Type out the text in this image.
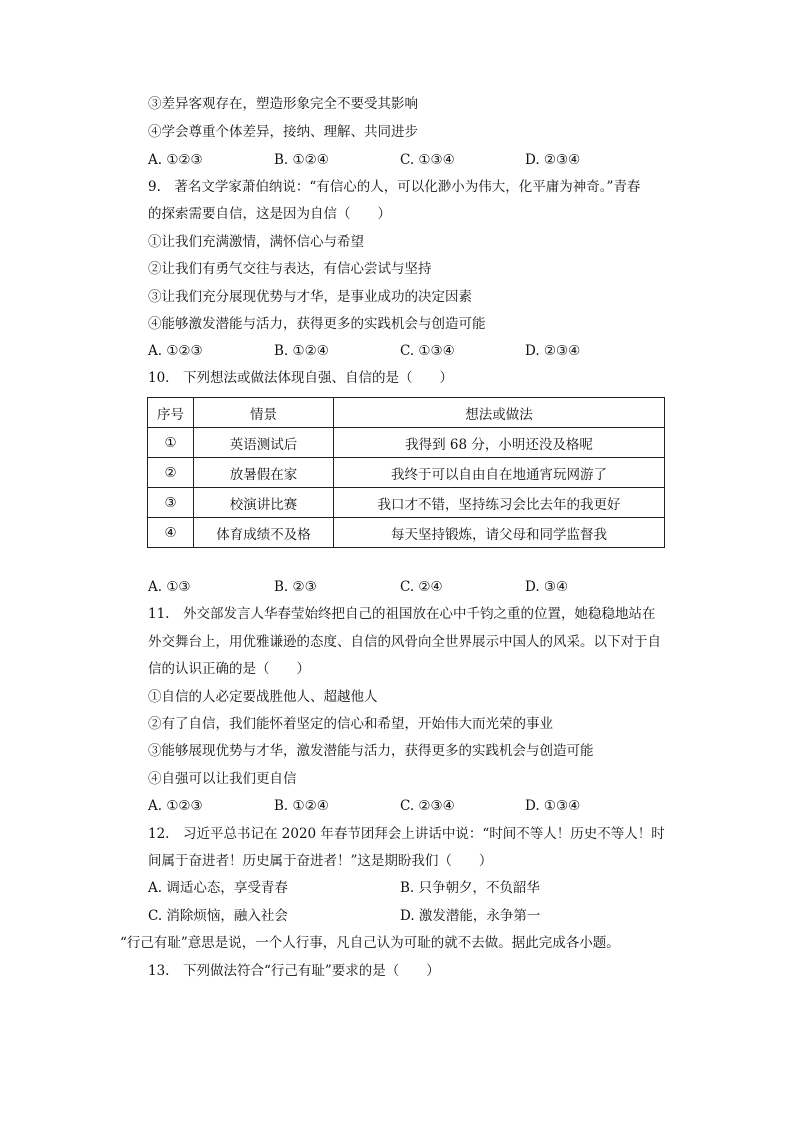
③差异客观存在，塑造形象完全不要受其影响
④学会尊重个体差异，接纳、理解、共同进步
A. ①②③	B. ①②④	C. ①③④	D. ②③④
9.　著名文学家萧伯纳说：“有信心的人，可以化渺小为伟大，化平庸为神奇。”青春
的探索需要自信，这是因为自信（　　）
①让我们充满激情，满怀信心与希望
②让我们有勇气交往与表达，有信心尝试与坚持
③让我们充分展现优势与才华，是事业成功的决定因素
④能够激发潜能与活力，获得更多的实践机会与创造可能
A. ①②③	B. ①②④	C. ①③④	D. ②③④
10.　下列想法或做法体现自强、自信的是（　　）
序号	情景	想法或做法
①	英语测试后	我得到 68 分，小明还没及格呢
②	放暑假在家	我终于可以自由自在地通宵玩网游了
③	校演讲比赛	我口才不错，坚持练习会比去年的我更好
④	体育成绩不及格	每天坚持锻炼，请父母和同学监督我
A. ①③	B. ②③	C. ②④	D. ③④
11.　外交部发言人华春莹始终把自己的祖国放在心中千钧之重的位置，她稳稳地站在
外交舞台上，用优雅谦逊的态度、自信的风骨向全世界展示中国人的风采。以下对于自
信的认识正确的是（　　）
①自信的人必定要战胜他人、超越他人
②有了自信，我们能怀着坚定的信心和希望，开始伟大而光荣的事业
③能够展现优势与才华，激发潜能与活力，获得更多的实践机会与创造可能
④自强可以让我们更自信
A. ①②③	B. ①②④	C. ②③④	D. ①③④
12.　习近平总书记在 2020 年春节团拜会上讲话中说：“时间不等人！历史不等人！时
间属于奋进者！历史属于奋进者！”这是期盼我们（　　）
A. 调适心态，享受青春	B. 只争朝夕，不负韶华
C. 消除烦恼，融入社会	D. 激发潜能，永争第一
“行己有耻”意思是说，一个人行事，凡自己认为可耻的就不去做。据此完成各小题。
13.　下列做法符合“行己有耻”要求的是（　　）
